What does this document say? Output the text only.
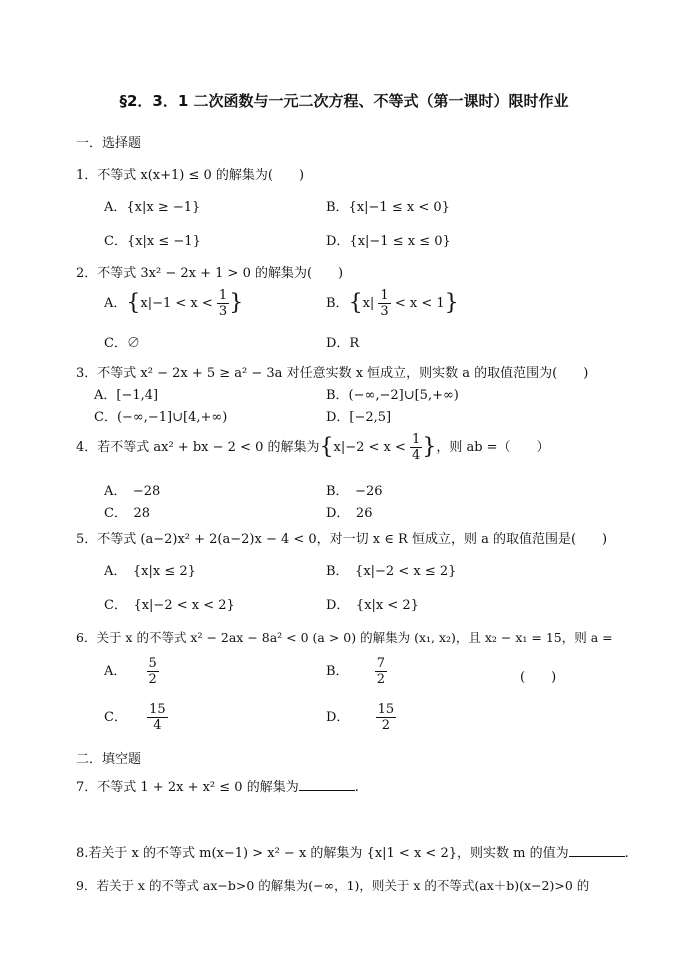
§2．3．1 二次函数与一元二次方程、不等式（第一课时）限时作业
一．选择题
1．不等式 x(x+1) ≤ 0 的解集为(　　)
A．{x|x ≥ −1}	B．{x|−1 ≤ x < 0}
C．{x|x ≤ −1}	D．{x|−1 ≤ x ≤ 0}
2．不等式 3x² − 2x + 1 > 0 的解集为(　　)
A．{$x|-1 < x < \frac{1}{3}$ }	B．$\{x| \frac{1}{3} < x < 1\}$
C．∅	D．R
3．不等式 x² − 2x + 5 ≥ a² − 3a 对任意实数 x 恒成立，则实数 a 的取值范围为(　　)
A．[−1,4]	B．(−∞,−2]∪[5,+∞)
C．(−∞,−1]∪[4,+∞)	D．[−2,5]
4．若不等式 ax² + bx − 2 < 0 的解集为{$x|-2 < x < \frac{1}{4}$ }，则 ab =（　　）
A．　−28	B．　−26
C．　28	D．　26
5．不等式 (a−2)x² + 2(a−2)x − 4 < 0，对一切 x ∈ R 恒成立，则 a 的取值范围是(　　)
A．　{x|x ≤ 2}	B．　{x|−2 < x ≤ 2}
C．　{x|−2 < x < 2}	D．　{x|x < 2}
6．关于 x 的不等式 x² − 2ax − 8a² < 0 (a > 0) 的解集为 (x₁, x₂)，且 x₂ − x₁ = 15，则 a =
A． $\frac{5}{2}$	B． $\frac{7}{2}$	(　　)
C． $\frac{15}{4}$	D． $\frac{15}{2}$
二．填空题
7．不等式 1 + 2x + x² ≤ 0 的解集为	.
8.若关于 x 的不等式 m(x−1) > x² − x 的解集为 {x|1 < x < 2}，则实数 m 的值为	.
9．若关于 x 的不等式 ax−b>0 的解集为(−∞，1)，则关于 x 的不等式(ax＋b)(x−2)>0 的
